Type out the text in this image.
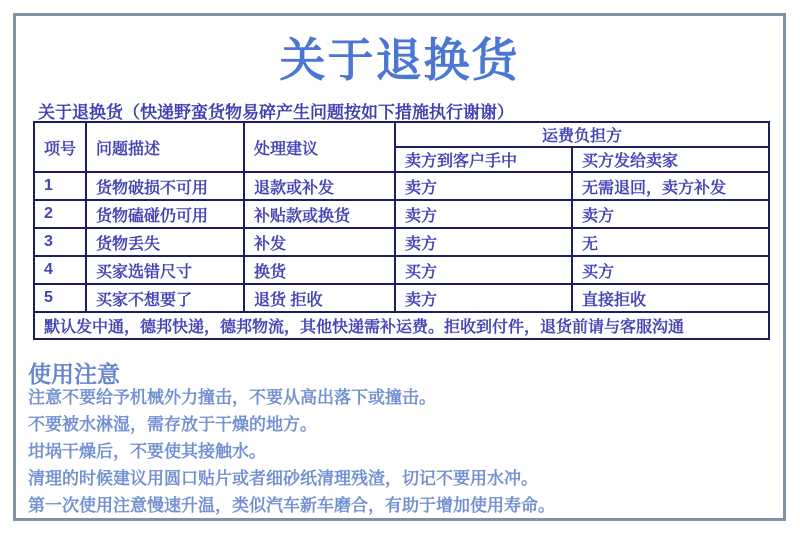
关于退换货
关于退换货（快递野蛮货物易碎产生问题按如下措施执行谢谢）
项号	问题描述	处理建议	运费负担方	
			卖方到客户手中	买方发给卖家
1	货物破损不可用	退款或补发	卖方	无需退回，卖方补发
2	货物磕碰仍可用	补贴款或换货	卖方	卖方
3	货物丢失	补发	卖方	无
4	买家选错尺寸	换货	买方	买方
5	买家不想要了	退货 拒收	卖方	直接拒收
默认发中通，德邦快递，德邦物流，其他快递需补运费。拒收到付件，退货前请与客服沟通				
使用注意
注意不要给予机械外力撞击，不要从高出落下或撞击。
不要被水淋湿，需存放于干燥的地方。
坩埚干燥后，不要使其接触水。
清理的时候建议用圆口贴片或者细砂纸清理残渣，切记不要用水冲。
第一次使用注意慢速升温，类似汽车新车磨合，有助于增加使用寿命。
